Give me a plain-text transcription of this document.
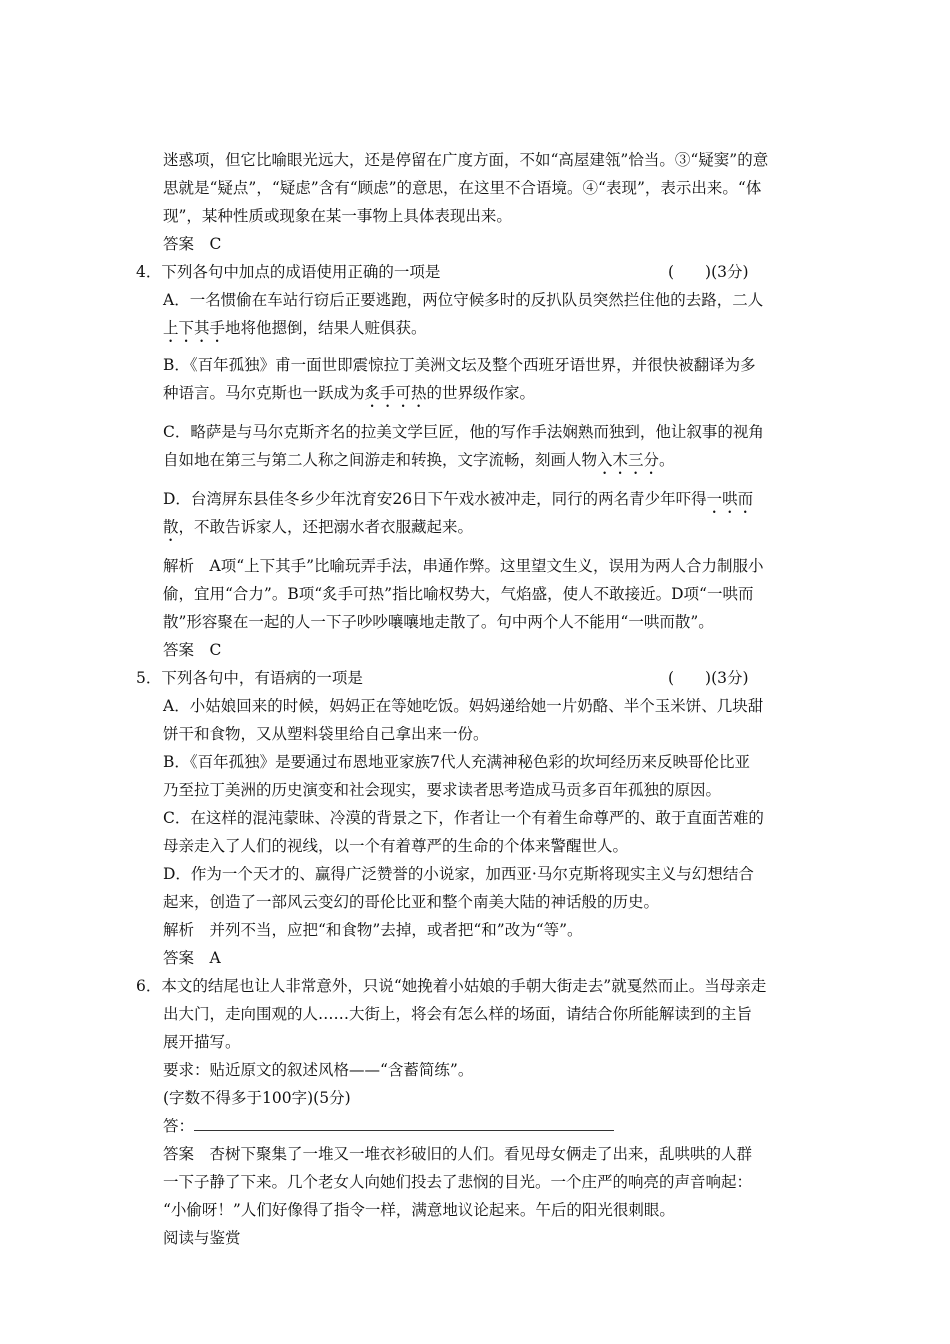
迷惑项，但它比喻眼光远大，还是停留在广度方面，不如“高屋建瓴”恰当。③“疑窦”的意
思就是“疑点”，“疑虑”含有“顾虑”的意思，在这里不合语境。④“表现”，表示出来。“体
现”，某种性质或现象在某一事物上具体表现出来。
答案　C
4．下列各句中加点的成语使用正确的一项是	(　　)(3分)
A．一名惯偷在车站行窃后正要逃跑，两位守候多时的反扒队员突然拦住他的去路，二人
上下其手地将他摁倒，结果人赃俱获。
B．《百年孤独》甫一面世即震惊拉丁美洲文坛及整个西班牙语世界，并很快被翻译为多
种语言。马尔克斯也一跃成为炙手可热的世界级作家。
C．略萨是与马尔克斯齐名的拉美文学巨匠，他的写作手法娴熟而独到，他让叙事的视角
自如地在第三与第二人称之间游走和转换，文字流畅，刻画人物入木三分。
D．台湾屏东县佳冬乡少年沈育安26日下午戏水被冲走，同行的两名青少年吓得一哄而
散，不敢告诉家人，还把溺水者衣服藏起来。
解析　A项“上下其手”比喻玩弄手法，串通作弊。这里望文生义，误用为两人合力制服小
偷，宜用“合力”。B项“炙手可热”指比喻权势大，气焰盛，使人不敢接近。D项“一哄而
散”形容聚在一起的人一下子吵吵嚷嚷地走散了。句中两个人不能用“一哄而散”。
答案　C
5．下列各句中，有语病的一项是	(　　)(3分)
A．小姑娘回来的时候，妈妈正在等她吃饭。妈妈递给她一片奶酪、半个玉米饼、几块甜
饼干和食物，又从塑料袋里给自己拿出来一份。
B．《百年孤独》是要通过布恩地亚家族7代人充满神秘色彩的坎坷经历来反映哥伦比亚
乃至拉丁美洲的历史演变和社会现实，要求读者思考造成马贡多百年孤独的原因。
C．在这样的混沌蒙昧、冷漠的背景之下，作者让一个有着生命尊严的、敢于直面苦难的
母亲走入了人们的视线，以一个有着尊严的生命的个体来警醒世人。
D．作为一个天才的、赢得广泛赞誉的小说家，加西亚·马尔克斯将现实主义与幻想结合
起来，创造了一部风云变幻的哥伦比亚和整个南美大陆的神话般的历史。
解析　并列不当，应把“和食物”去掉，或者把“和”改为“等”。
答案　A
6．本文的结尾也让人非常意外，只说“她挽着小姑娘的手朝大街走去”就戛然而止。当母亲走
出大门，走向围观的人……大街上，将会有怎么样的场面，请结合你所能解读到的主旨
展开描写。
要求：贴近原文的叙述风格——“含蓄简练”。
(字数不得多于100字)(5分)
答：
答案　杏树下聚集了一堆又一堆衣衫破旧的人们。看见母女俩走了出来，乱哄哄的人群
一下子静了下来。几个老女人向她们投去了悲悯的目光。一个庄严的响亮的声音响起：
“小偷呀！”人们好像得了指令一样，满意地议论起来。午后的阳光很刺眼。
阅读与鉴赏
